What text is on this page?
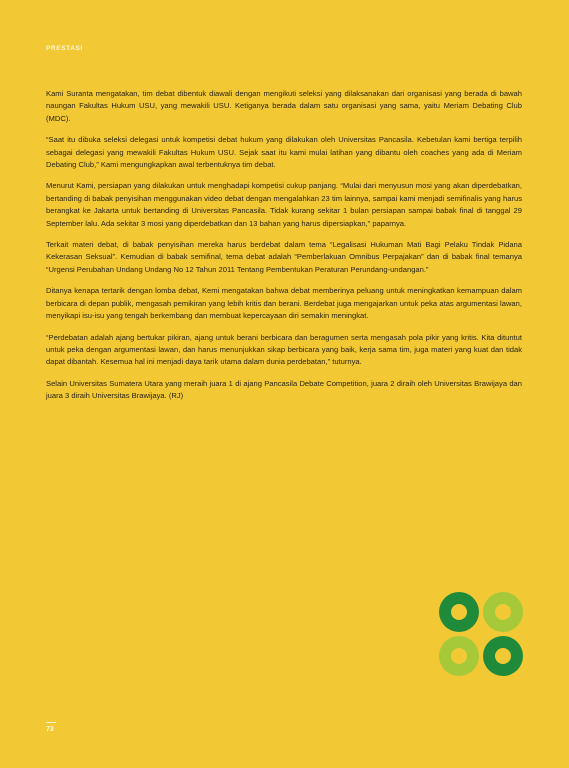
PRESTASI

Kami Suranta mengatakan, tim debat dibentuk diawali dengan mengikuti seleksi yang dilaksanakan dari organisasi yang berada di bawah naungan Fakultas Hukum USU, yang mewakili USU. Ketiganya berada dalam satu organisasi yang sama, yaitu Meriam Debating Club (MDC).

“Saat itu dibuka seleksi delegasi untuk kompetisi debat hukum yang dilakukan oleh Universitas Pancasila. Kebetulan kami bertiga terpilih sebagai delegasi yang mewakili Fakultas Hukum USU. Sejak saat itu kami mulai latihan yang dibantu oleh coaches yang ada di Meriam Debating Club,” Kami mengungkapkan awal terbentuknya tim debat.

Menurut Kami, persiapan yang dilakukan untuk menghadapi kompetisi cukup panjang. “Mulai dari menyusun mosi yang akan diperdebatkan, bertanding di babak penyisihan menggunakan video debat dengan mengalahkan 23 tim lainnya, sampai kami menjadi semifinalis yang harus berangkat ke Jakarta untuk bertanding di Universitas Pancasila. Tidak kurang sekitar 1 bulan persiapan sampai babak final di tanggal 29 September lalu. Ada sekitar 3 mosi yang diperdebatkan dan 13 bahan yang harus dipersiapkan,” paparnya.

Terkait materi debat, di babak penyisihan mereka harus berdebat dalam tema “Legalisasi Hukuman Mati Bagi Pelaku Tindak Pidana Kekerasan Seksual”. Kemudian di babak semifinal, tema debat adalah “Pemberlakuan Omnibus Perpajakan” dan di babak final temanya “Urgensi Perubahan Undang Undang No 12 Tahun 2011 Tentang Pembentukan Peraturan Perundang-undangan.”

Ditanya kenapa tertarik dengan lomba debat, Kemi mengatakan bahwa debat memberinya peluang untuk meningkatkan kemampuan dalam berbicara di depan publik, mengasah pemikiran yang lebih kritis dan berani. Berdebat juga mengajarkan untuk peka atas argumentasi lawan, menyikapi isu-isu yang tengah berkembang dan membuat kepercayaan diri semakin meningkat.

“Perdebatan adalah ajang bertukar pikiran, ajang untuk berani berbicara dan beragumen serta mengasah pola pikir yang kritis. Kita dituntut untuk peka dengan argumentasi lawan, dan harus menunjukkan sikap berbicara yang baik, kerja sama tim, juga materi yang kuat dan tidak dapat dibantah. Kesemua hal ini menjadi daya tarik utama dalam dunia perdebatan,” tuturnya.

Selain Universitas Sumatera Utara yang meraih juara 1 di ajang Pancasila Debate Competition, juara 2 diraih oleh Universitas Brawijaya dan juara 3 diraih Universitas Brawijaya. (RJ)

73
